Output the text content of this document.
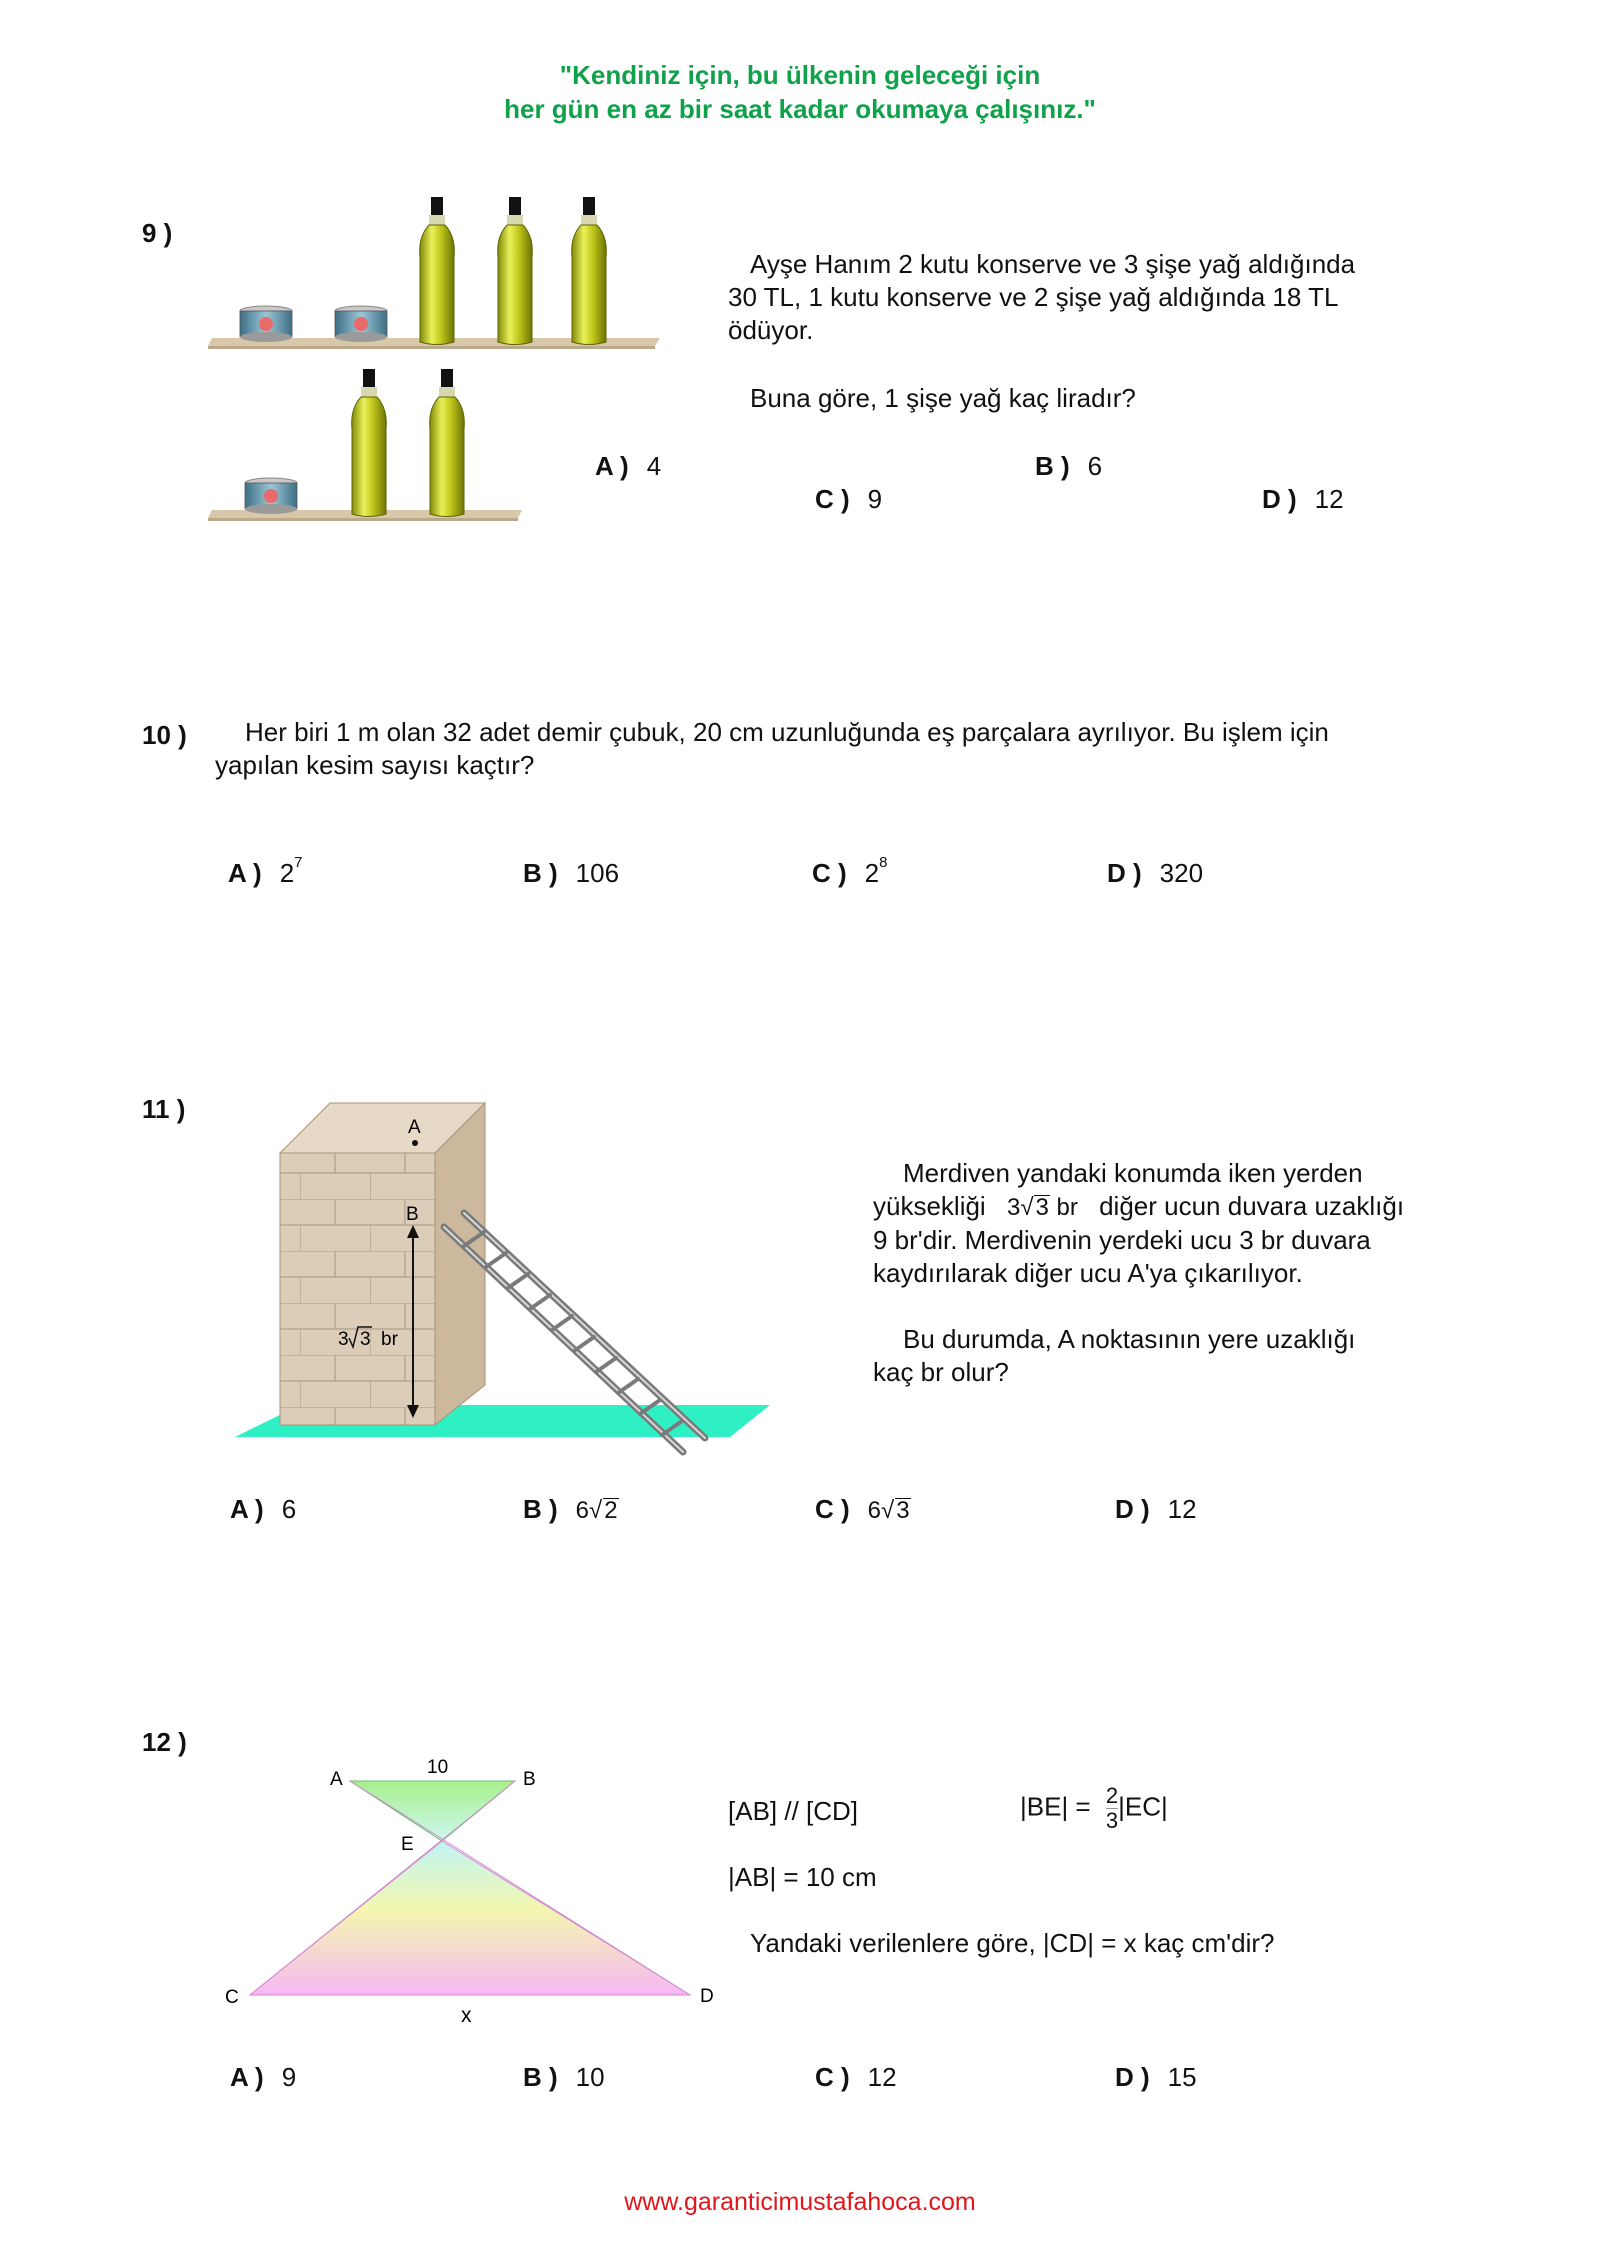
"Kendiniz için, bu ülkenin geleceği için
her gün en az bir saat kadar okumaya çalışınız."
9 )
Ayşe Hanım 2 kutu konserve ve 3 şişe yağ aldığında
30 TL, 1 kutu konserve ve 2 şişe yağ aldığında 18 TL
ödüyor.
Buna göre, 1 şişe yağ kaç liradır?
A ) 4	B ) 6
C ) 9	D ) 12
10 ) Her biri 1 m olan 32 adet demir çubuk, 20 cm uzunluğunda eş parçalara ayrılıyor. Bu işlem için
yapılan kesim sayısı kaçtır?
A ) $2^7$	B ) 106	C ) $2^8$	D ) 320
11 )
A
B
3 3 br
Merdiven yandaki konumda iken yerden
yüksekliği 3√3 br diğer ucun duvara uzaklığı
9 br'dir. Merdivenin yerdeki ucu 3 br duvara
kaydırılarak diğer ucu A'ya çıkarılıyor.
Bu durumda, A noktasının yere uzaklığı
kaç br olur?
A ) 6	B ) 6√2	C ) 6√3	D ) 12
12 )
A	B
10
E
C	D
x
[AB] // [CD]	$|BE| = \frac{2}{3} |EC|$
|AB| = 10 cm
Yandaki verilenlere göre, |CD| = x kaç cm'dir?
A ) 9	B ) 10	C ) 12	D ) 15
www.garanticimustafahoca.com
